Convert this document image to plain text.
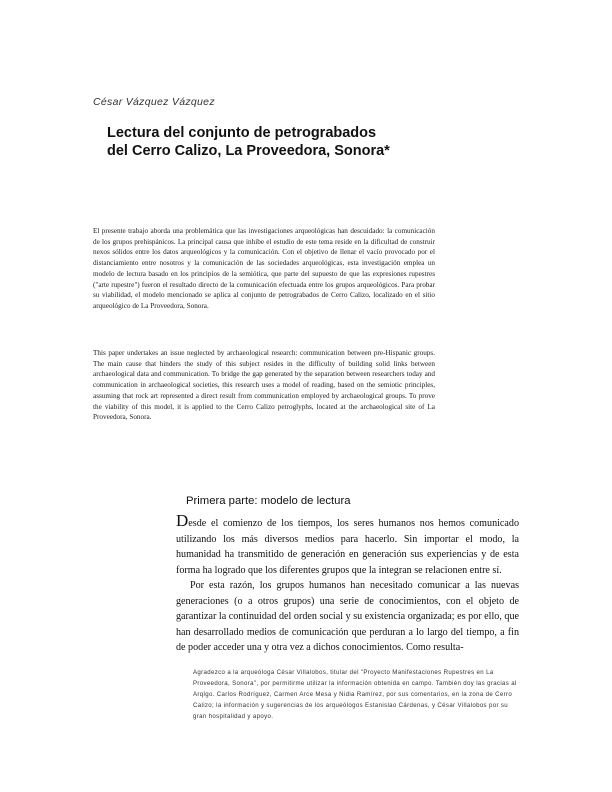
César Vázquez Vázquez
Lectura del conjunto de petrograbados
del Cerro Calizo, La Proveedora, Sonora*
El presente trabajo aborda una problemática que las investigaciones arqueológicas han descuidado: la comunicación de los grupos prehispánicos. La principal causa que inhibe el estudio de este tema reside en la dificultad de construir nexos sólidos entre los datos arqueológicos y la comunicación. Con el objetivo de llenar el vacío provocado por el distanciamiento entre nosotros y la comunicación de las sociedades arqueológicas, esta investigación emplea un modelo de lectura basado en los principios de la semiótica, que parte del supuesto de que las expresiones rupestres ("arte rupestre") fueron el resultado directo de la comunicación efectuada entre los grupos arqueológicos. Para probar su viabilidad, el modelo mencionado se aplica al conjunto de petrograbados de Cerro Calizo, localizado en el sitio arqueológico de La Proveedora, Sonora.
This paper undertakes an issue neglected by archaeological research: communication between pre-Hispanic groups. The main cause that hinders the study of this subject resides in the difficulty of building solid links between archaeological data and communication. To bridge the gap generated by the separation between researchers today and communication in archaeological societies, this research uses a model of reading, based on the semiotic principles, assuming that rock art represented a direct result from communication employed by archaeological groups. To prove the viability of this model, it is applied to the Cerro Calizo petroglyphs, located at the archaeological site of La Proveedora, Sonora.
Primera parte: modelo de lectura

Desde el comienzo de los tiempos, los seres humanos nos hemos comunicado utilizando los más diversos medios para hacerlo. Sin importar el modo, la humanidad ha transmitido de generación en generación sus experiencias y de esta forma ha logrado que los diferentes grupos que la integran se relacionen entre sí.

Por esta razón, los grupos humanos han necesitado comunicar a las nuevas generaciones (o a otros grupos) una serie de conocimientos, con el objeto de garantizar la continuidad del orden social y su existencia organizada; es por ello, que han desarrollado medios de comunicación que perduran a lo largo del tiempo, a fin de poder acceder una y otra vez a dichos conocimientos. Como resulta-

Agradezco a la arqueóloga César Villalobos, titular del "Proyecto Manifestaciones Rupestres en La Proveedora, Sonora", por permitirme utilizar la información obtenida en campo. También doy las gracias al Arqlgo. Carlos Rodríguez, Carmen Arce Mesa y Nidia Ramírez, por sus comentarios, en la zona de Cerro Calizo; la información y sugerencias de los arqueólogos Estanislao Cárdenas, y César Villalobos por su gran hospitalidad y apoyo.
